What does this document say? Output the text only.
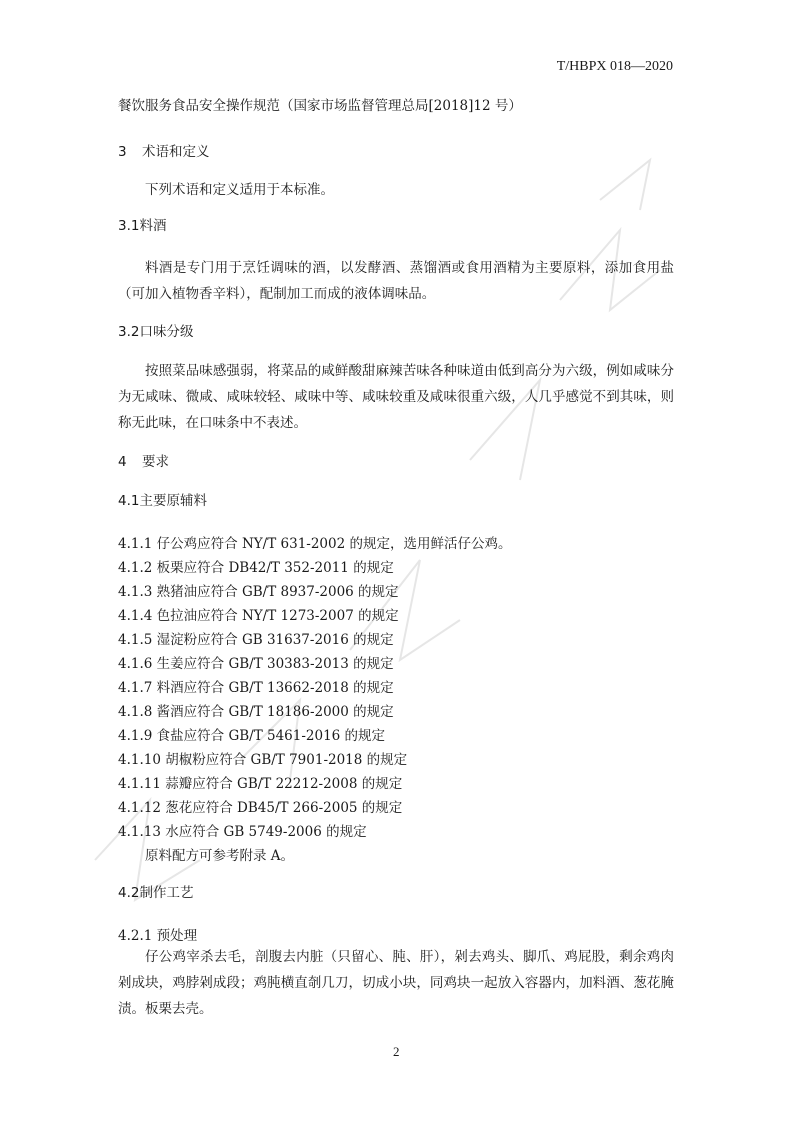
T/HBPX 018—2020
餐饮服务食品安全操作规范（国家市场监督管理总局[2018]12 号）
3 术语和定义
下列术语和定义适用于本标准。
3.1料酒
料酒是专门用于烹饪调味的酒，以发酵酒、蒸馏酒或食用酒精为主要原料，添加食用盐（可加入植物香辛料），配制加工而成的液体调味品。
3.2口味分级
按照菜品味感强弱，将菜品的咸鲜酸甜麻辣苦味各种味道由低到高分为六级，例如咸味分为无咸味、微咸、咸味较轻、咸味中等、咸味较重及咸味很重六级，人几乎感觉不到其味，则称无此味，在口味条中不表述。
4 要求
4.1主要原辅料
4.1.1 仔公鸡应符合 NY/T 631-2002 的规定，选用鲜活仔公鸡。
4.1.2 板栗应符合 DB42/T 352-2011 的规定
4.1.3 熟猪油应符合 GB/T 8937-2006 的规定
4.1.4 色拉油应符合 NY/T 1273-2007 的规定
4.1.5 湿淀粉应符合 GB 31637-2016 的规定
4.1.6 生姜应符合 GB/T 30383-2013 的规定
4.1.7 料酒应符合 GB/T 13662-2018 的规定
4.1.8 酱酒应符合 GB/T 18186-2000 的规定
4.1.9 食盐应符合 GB/T 5461-2016 的规定
4.1.10 胡椒粉应符合 GB/T 7901-2018 的规定
4.1.11 蒜瓣应符合 GB/T 22212-2008 的规定
4.1.12 葱花应符合 DB45/T 266-2005 的规定
4.1.13 水应符合 GB 5749-2006 的规定
原料配方可参考附录 A。
4.2制作工艺
4.2.1 预处理
仔公鸡宰杀去毛，剖腹去内脏（只留心、肫、肝），剁去鸡头、脚爪、鸡屁股，剩余鸡肉剁成块，鸡脖剁成段；鸡肫横直剞几刀，切成小块，同鸡块一起放入容器内，加料酒、葱花腌渍。板栗去壳。
2
